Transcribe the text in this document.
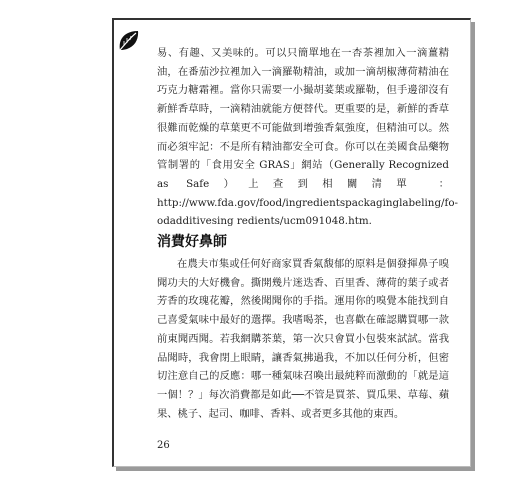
易、有趣、又美味的。可以只簡單地在一杏茶裡加入一滴薑精油，在番茄沙拉裡加入一滴羅勒精油，或加一滴胡椒薄荷精油在巧克力糖霜裡。當你只需要一小撮胡荽葉或羅勒，但手邊卻沒有新鮮香草時，一滴精油就能方便替代。更重要的是，新鮮的香草很難而乾燥的草葉更不可能做到增強香氣強度，但精油可以。然而必須牢記：不是所有精油都安全可食。你可以在美國食品藥物管制署的「食用安全 GRAS」網站（Generally Recognized as Safe）上查到相關清單 ：http://www.fda.gov/food/ingredientspackaginglabeling/fo-odadditivesing redients/ucm091048.htm.

消費好鼻師

在農夫市集或任何好商家買香氣馥郁的原料是個發揮鼻子嗅聞功夫的大好機會。撕開幾片迷迭香、百里香、薄荷的葉子或者芳香的玫瑰花瓣，然後聞聞你的手指。運用你的嗅覺本能找到自己喜愛氣味中最好的選擇。我嗜喝茶，也喜歡在確認購買哪一款前東聞西聞。若我網購茶葉，第一次只會買小包裝來試試。當我品聞時，我會閉上眼睛，讓香氣拂過我，不加以任何分析，但密切注意自己的反應：哪一種氣味召喚出最純粹而激動的「就是這一個！？」每次消費都是如此──不管是買茶、買瓜果、草莓、蘋果、桃子、起司、咖啡、香料、或者更多其他的東西。

26
